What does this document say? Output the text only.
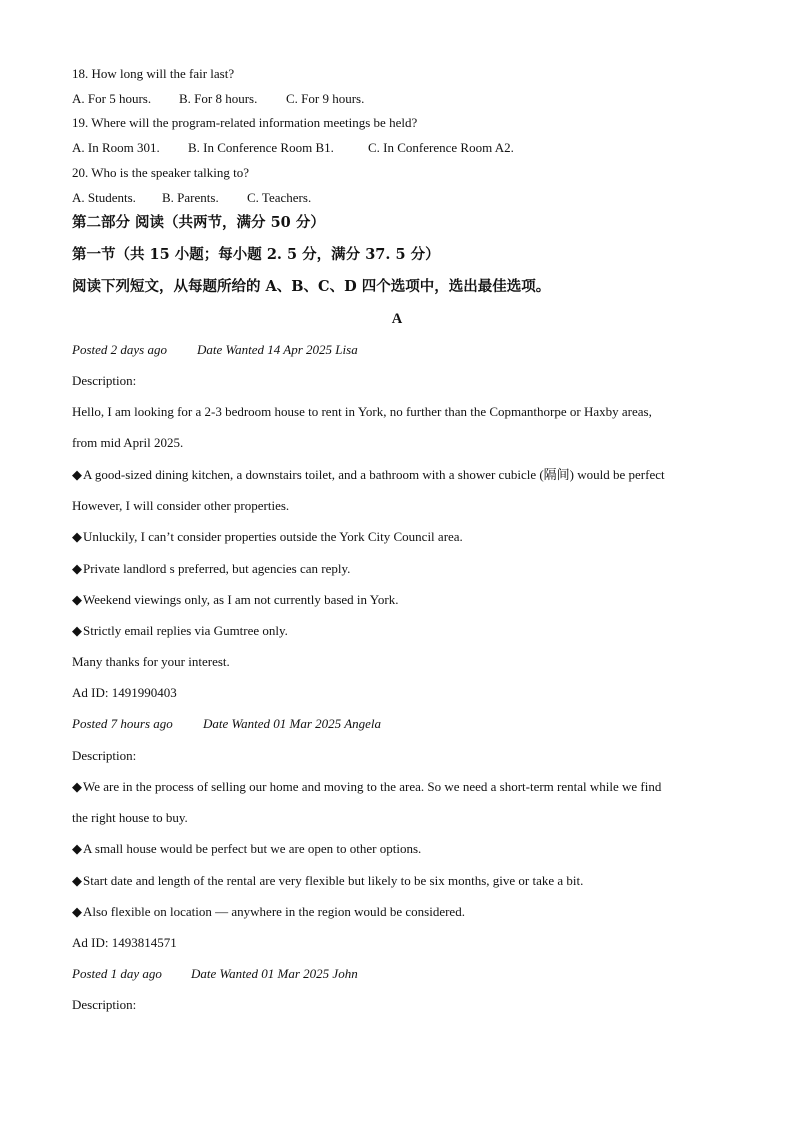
18. How long will the fair last?
A. For 5 hours. B. For 8 hours. C. For 9 hours.
19. Where will the program-related information meetings be held?
A. In Room 301. B. In Conference Room B1.	C. In Conference Room A2.
20. Who is the speaker talking to?
A. Students. B. Parents. C. Teachers.
第二部分 阅读（共两节，满分 50 分）
第一节（共 15 小题；每小题 2. 5 分，满分 37. 5 分）
阅读下列短文，从每题所给的 A、B、C、D 四个选项中，选出最佳选项。
A
Posted 2 days ago Date Wanted 14 Apr 2025 Lisa
Description:
Hello, I am looking for a 2-3 bedroom house to rent in York, no further than the Copmanthorpe or Haxby areas,
from mid April 2025.
◆A good-sized dining kitchen, a downstairs toilet, and a bathroom with a shower cubicle (隔间) would be perfect
However, I will consider other properties.
◆Unluckily, I can’t consider properties outside the York City Council area.
◆Private landlord s preferred, but agencies can reply.
◆Weekend viewings only, as I am not currently based in York.
◆Strictly email replies via Gumtree only.
Many thanks for your interest.
Ad ID: 1491990403
Posted 7 hours ago Date Wanted 01 Mar 2025 Angela
Description:
◆We are in the process of selling our home and moving to the area. So we need a short-term rental while we find
the right house to buy.
◆A small house would be perfect but we are open to other options.
◆Start date and length of the rental are very flexible but likely to be six months, give or take a bit.
◆Also flexible on location — anywhere in the region would be considered.
Ad ID: 1493814571
Posted 1 day ago Date Wanted 01 Mar 2025 John
Description:
